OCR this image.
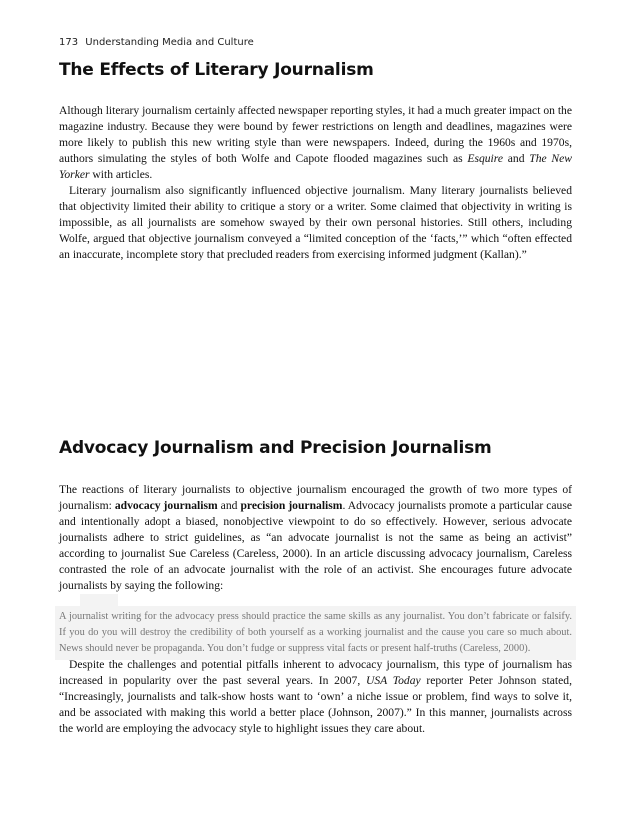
173 Understanding Media and Culture
The Effects of Literary Journalism

Although literary journalism certainly affected newspaper reporting styles, it had a much greater impact on the magazine industry. Because they were bound by fewer restrictions on length and deadlines, magazines were more likely to publish this new writing style than were newspapers. Indeed, during the 1960s and 1970s, authors simulating the styles of both Wolfe and Capote flooded magazines such as Esquire and The New Yorker with articles.

Literary journalism also significantly influenced objective journalism. Many literary journalists believed that objectivity limited their ability to critique a story or a writer. Some claimed that objectivity in writing is impossible, as all journalists are somehow swayed by their own personal histories. Still others, including Wolfe, argued that objective journalism conveyed a “limited conception of the ‘facts,’” which “often effected an inaccurate, incomplete story that precluded readers from exercising informed judgment (Kallan).”

Advocacy Journalism and Precision Journalism

The reactions of literary journalists to objective journalism encouraged the growth of two more types of journalism: advocacy journalism and precision journalism. Advocacy journalists promote a particular cause and intentionally adopt a biased, nonobjective viewpoint to do so effectively. However, serious advocate journalists adhere to strict guidelines, as “an advocate journalist is not the same as being an activist” according to journalist Sue Careless (Careless, 2000). In an article discussing advocacy journalism, Careless contrasted the role of an advocate journalist with the role of an activist. She encourages future advocate journalists by saying the following:

A journalist writing for the advocacy press should practice the same skills as any journalist. You don’t fabricate or falsify. If you do you will destroy the credibility of both yourself as a working journalist and the cause you care so much about. News should never be propaganda. You don’t fudge or suppress vital facts or present half-truths (Careless, 2000).

Despite the challenges and potential pitfalls inherent to advocacy journalism, this type of journalism has increased in popularity over the past several years. In 2007, USA Today reporter Peter Johnson stated, “Increasingly, journalists and talk-show hosts want to ‘own’ a niche issue or problem, find ways to solve it, and be associated with making this world a better place (Johnson, 2007).” In this manner, journalists across the world are employing the advocacy style to highlight issues they care about.
